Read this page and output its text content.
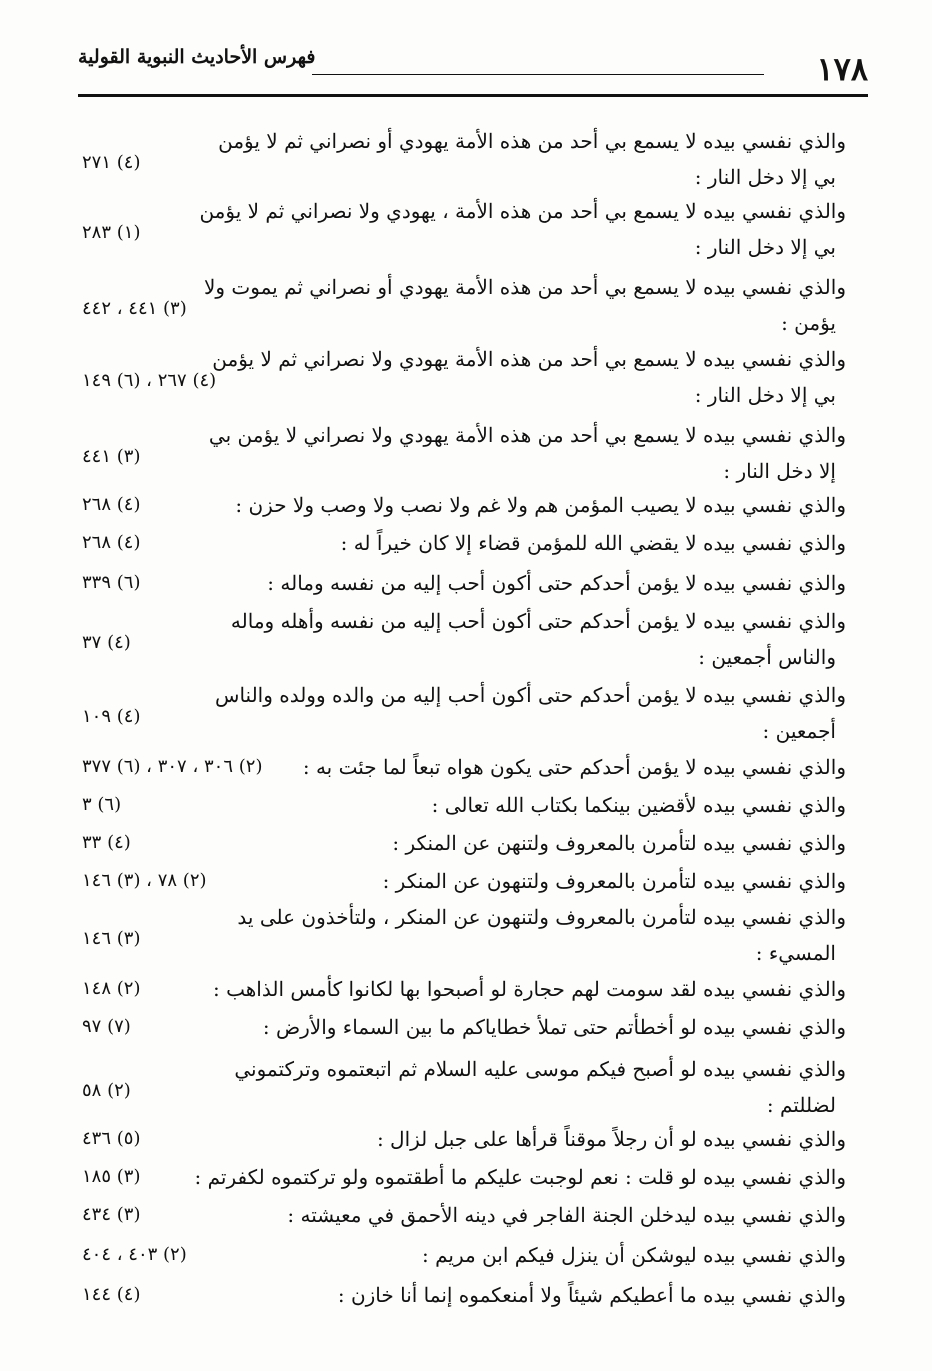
١٧٨
فهرس الأحاديث النبوية القولية
والذي نفسي بيده لا يسمع بي أحد من هذه الأمة يهودي أو نصراني ثم لا يؤمن
بي إلا دخل النار :
(٤) ٢٧١
والذي نفسي بيده لا يسمع بي أحد من هذه الأمة ، يهودي ولا نصراني ثم لا يؤمن
بي إلا دخل النار :
(١) ٢٨٣
والذي نفسي بيده لا يسمع بي أحد من هذه الأمة يهودي أو نصراني ثم يموت ولا
يؤمن :
(٣) ٤٤١ ، ٤٤٢
والذي نفسي بيده لا يسمع بي أحد من هذه الأمة يهودي ولا نصراني ثم لا يؤمن
بي إلا دخل النار :
(٤) ٢٦٧ ، (٦) ١٤٩
والذي نفسي بيده لا يسمع بي أحد من هذه الأمة يهودي ولا نصراني لا يؤمن بي
إلا دخل النار :
(٣) ٤٤١
والذي نفسي بيده لا يصيب المؤمن هم ولا غم ولا نصب ولا وصب ولا حزن :
(٤) ٢٦٨
والذي نفسي بيده لا يقضي الله للمؤمن قضاء إلا كان خيراً له :
(٤) ٢٦٨
والذي نفسي بيده لا يؤمن أحدكم حتى أكون أحب إليه من نفسه وماله :
(٦) ٣٣٩
والذي نفسي بيده لا يؤمن أحدكم حتى أكون أحب إليه من نفسه وأهله وماله
والناس أجمعين :
(٤) ٣٧
والذي نفسي بيده لا يؤمن أحدكم حتى أكون أحب إليه من والده وولده والناس
أجمعين :
(٤) ١٠٩
والذي نفسي بيده لا يؤمن أحدكم حتى يكون هواه تبعاً لما جئت به :
(٢) ٣٠٦ ، ٣٠٧ ، (٦) ٣٧٧
والذي نفسي بيده لأقضين بينكما بكتاب الله تعالى :
(٦) ٣
والذي نفسي بيده لتأمرن بالمعروف ولتنهن عن المنكر :
(٤) ٣٣
والذي نفسي بيده لتأمرن بالمعروف ولتنهون عن المنكر :
(٢) ٧٨ ، (٣) ١٤٦
والذي نفسي بيده لتأمرن بالمعروف ولتنهون عن المنكر ، ولتأخذون على يد
المسيء :
(٣) ١٤٦
والذي نفسي بيده لقد سومت لهم حجارة لو أصبحوا بها لكانوا كأمس الذاهب :
(٢) ١٤٨
والذي نفسي بيده لو أخطأتم حتى تملأ خطاياكم ما بين السماء والأرض :
(٧) ٩٧
والذي نفسي بيده لو أصبح فيكم موسى عليه السلام ثم اتبعتموه وتركتموني
لضللتم :
(٢) ٥٨
والذي نفسي بيده لو أن رجلاً موقناً قرأها على جبل لزال :
(٥) ٤٣٦
والذي نفسي بيده لو قلت : نعم لوجبت عليكم ما أطقتموه ولو تركتموه لكفرتم :
(٣) ١٨٥
والذي نفسي بيده ليدخلن الجنة الفاجر في دينه الأحمق في معيشته :
(٣) ٤٣٤
والذي نفسي بيده ليوشكن أن ينزل فيكم ابن مريم :
(٢) ٤٠٣ ، ٤٠٤
والذي نفسي بيده ما أعطيكم شيئاً ولا أمنعكموه إنما أنا خازن :
(٤) ١٤٤
